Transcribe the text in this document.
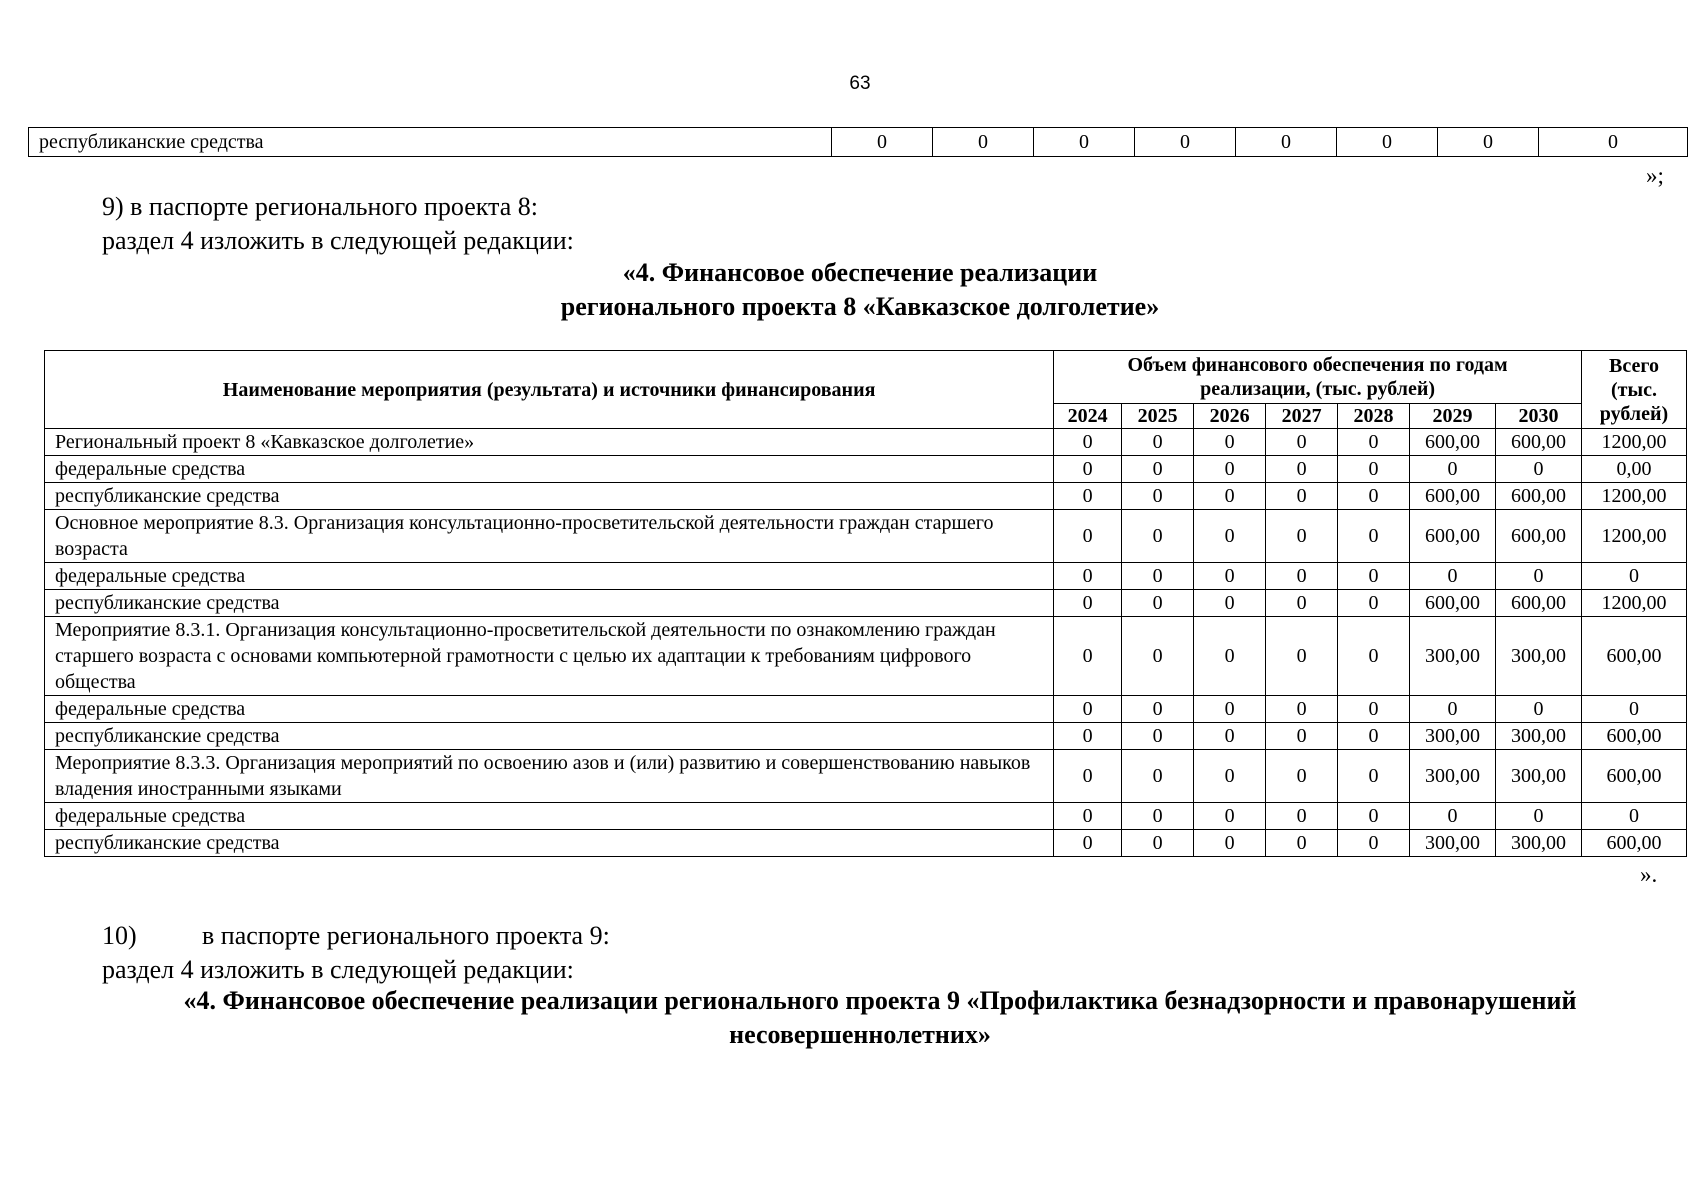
63
республиканские средства	0	0	0	0	0	0	0	0
»;
9) в паспорте регионального проекта 8:
раздел 4 изложить в следующей редакции:
«4. Финансовое обеспечение реализации
регионального проекта 8 «Кавказское долголетие»
Наименование мероприятия (результата) и источники финансирования	Объем финансового обеспечения по годам реализации, (тыс. рублей)							Всего (тыс. рублей)
	2024	2025	2026	2027	2028	2029	2030	
Региональный проект 8 «Кавказское долголетие»	0	0	0	0	0	600,00	600,00	1200,00
федеральные средства	0	0	0	0	0	0	0	0,00
республиканские средства	0	0	0	0	0	600,00	600,00	1200,00
Основное мероприятие 8.3. Организация консультационно-просветительской деятельности граждан старшего возраста	0	0	0	0	0	600,00	600,00	1200,00
федеральные средства	0	0	0	0	0	0	0	0
республиканские средства	0	0	0	0	0	600,00	600,00	1200,00
Мероприятие 8.3.1. Организация консультационно-просветительской деятельности по ознакомлению граждан старшего возраста с основами компьютерной грамотности с целью их адаптации к требованиям цифрового общества	0	0	0	0	0	300,00	300,00	600,00
федеральные средства	0	0	0	0	0	0	0	0
республиканские средства	0	0	0	0	0	300,00	300,00	600,00
Мероприятие 8.3.3. Организация мероприятий по освоению азов и (или) развитию и совершенствованию навыков владения иностранными языками	0	0	0	0	0	300,00	300,00	600,00
федеральные средства	0	0	0	0	0	0	0	0
республиканские средства	0	0	0	0	0	300,00	300,00	600,00
».
10)	в паспорте регионального проекта 9:
раздел 4 изложить в следующей редакции:
«4. Финансовое обеспечение реализации регионального проекта 9 «Профилактика безнадзорности и правонарушений
несовершеннолетних»
